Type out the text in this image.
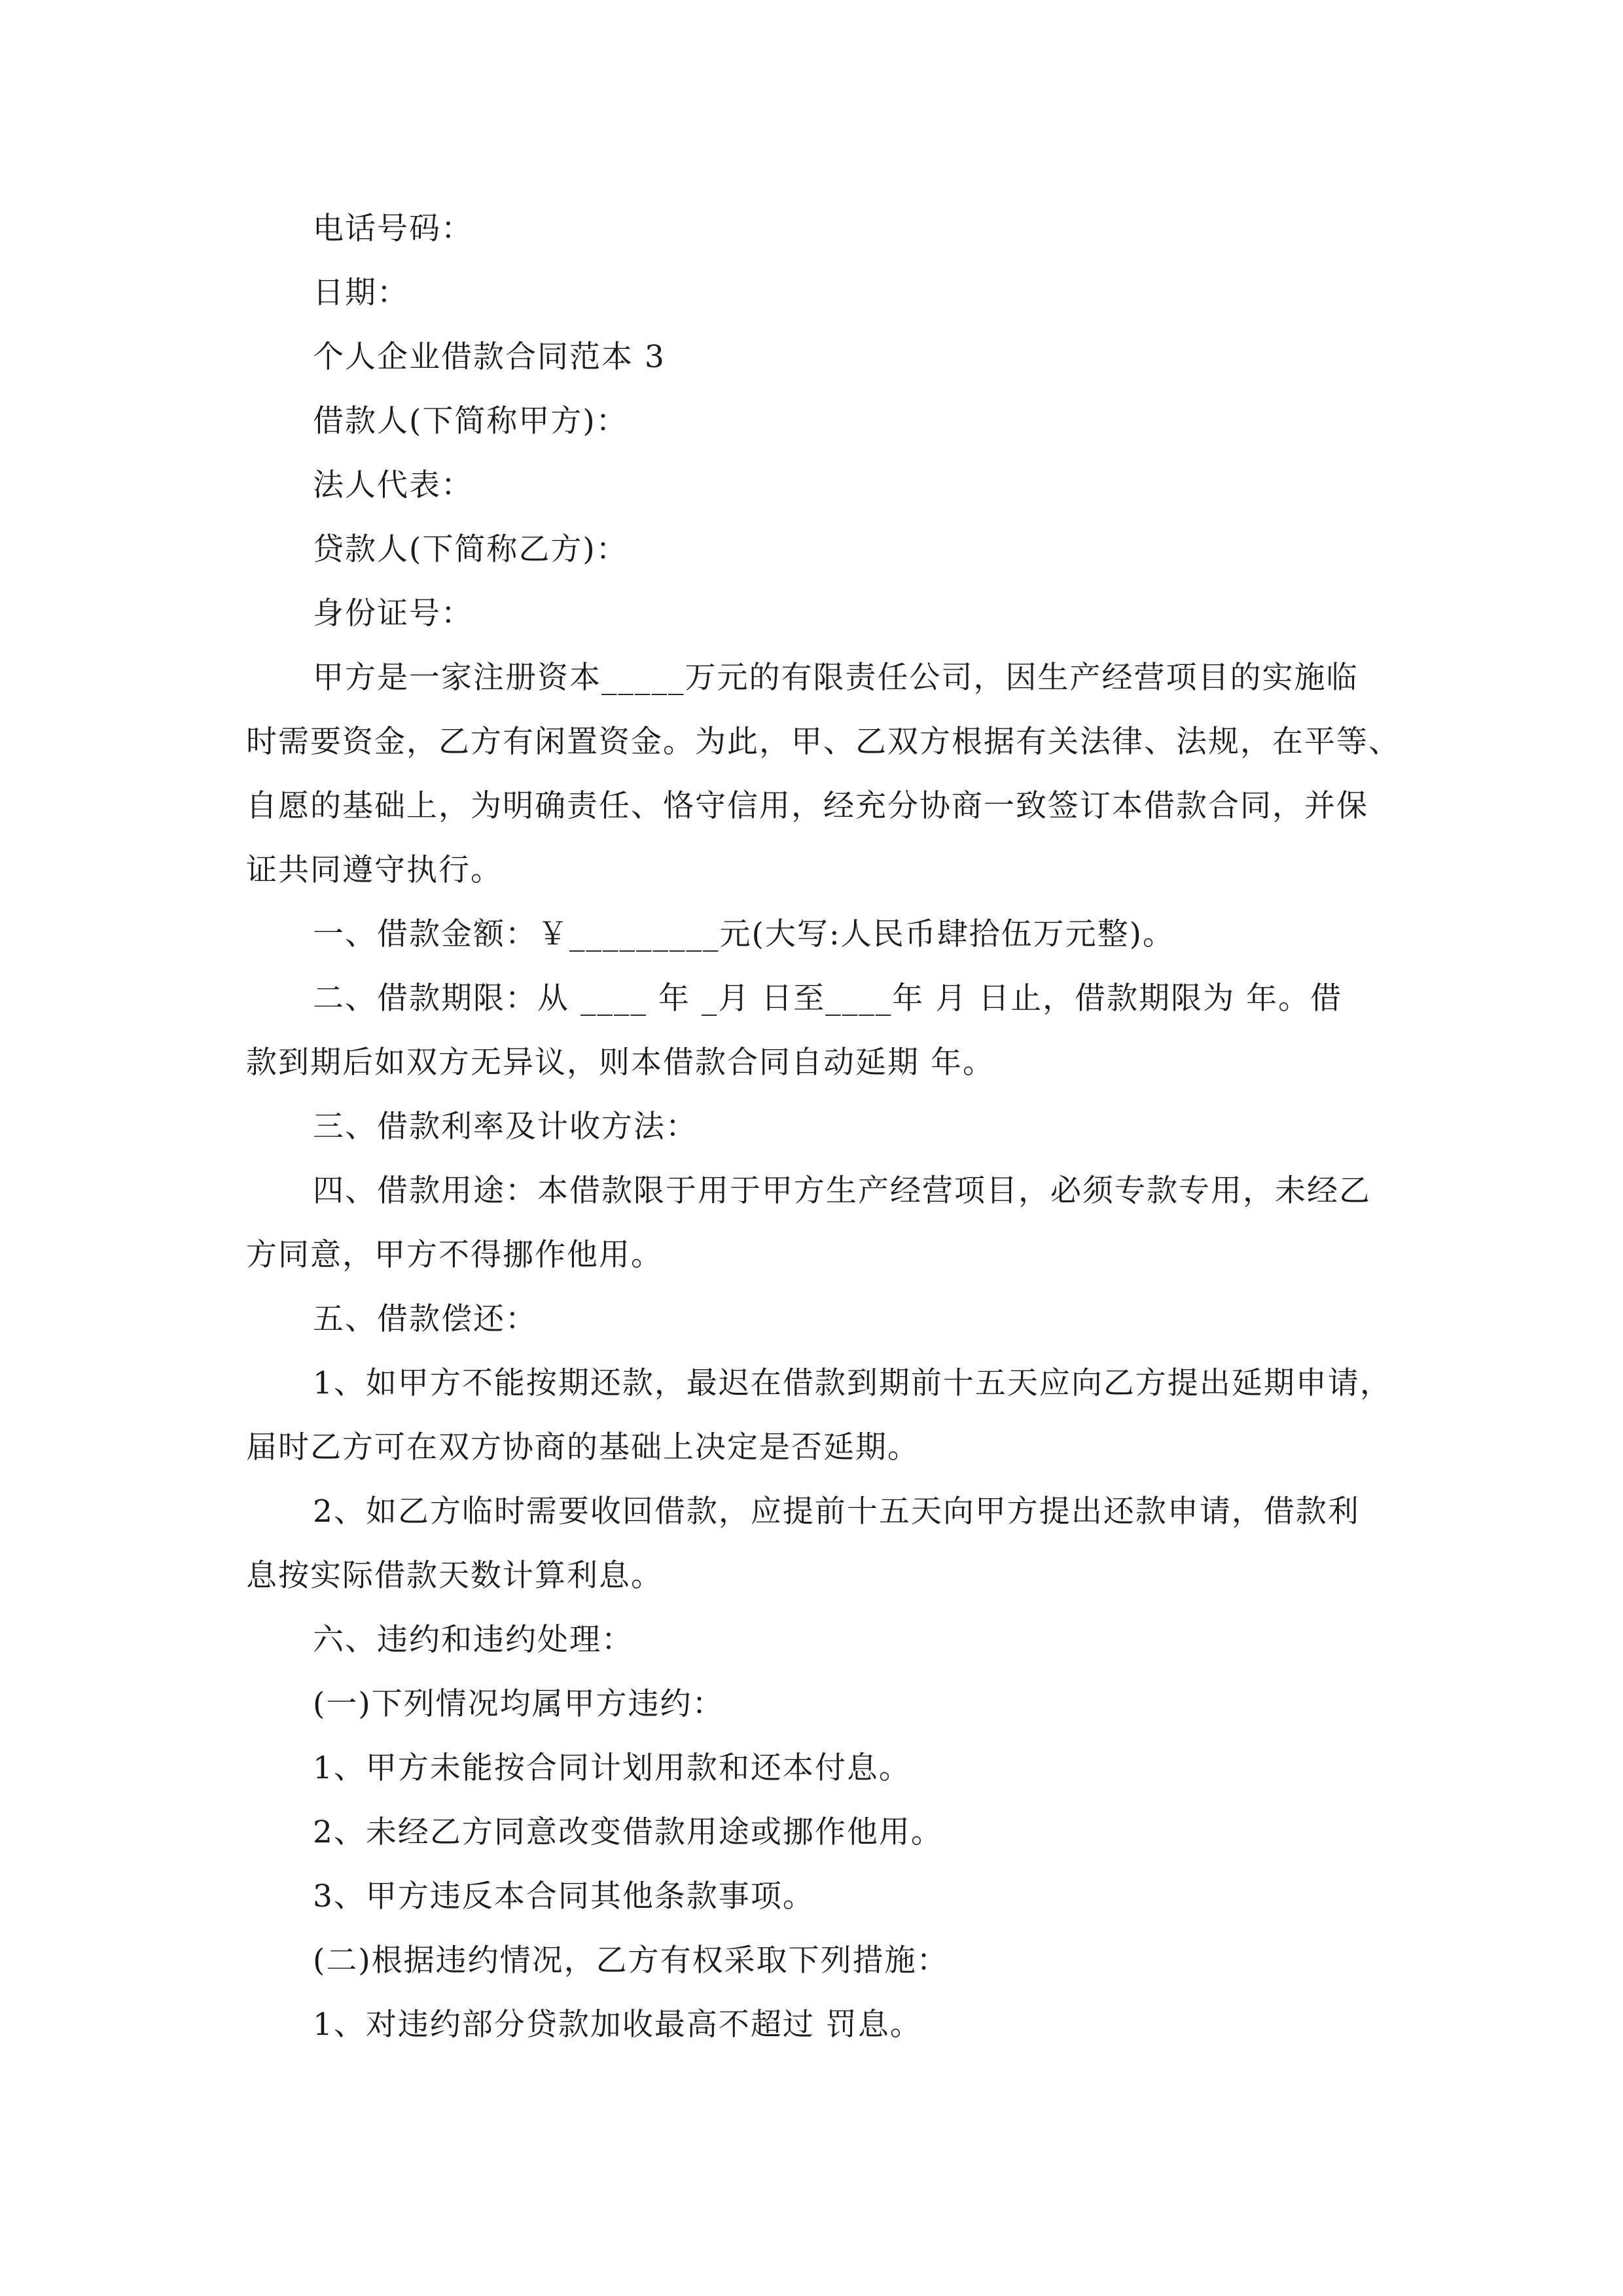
电话号码：
日期：
个人企业借款合同范本 3
借款人(下简称甲方)：
法人代表：
贷款人(下简称乙方)：
身份证号：
甲方是一家注册资本_____万元的有限责任公司，因生产经营项目的实施临
时需要资金，乙方有闲置资金。为此，甲、乙双方根据有关法律、法规，在平等、
自愿的基础上，为明确责任、恪守信用，经充分协商一致签订本借款合同，并保
证共同遵守执行。
一、借款金额：￥_________元(大写:人民币肆拾伍万元整)。
二、借款期限：从 ____ 年 _月 日至____年 月 日止，借款期限为 年。借
款到期后如双方无异议，则本借款合同自动延期 年。
三、借款利率及计收方法：
四、借款用途：本借款限于用于甲方生产经营项目，必须专款专用，未经乙
方同意，甲方不得挪作他用。
五、借款偿还：
1、如甲方不能按期还款，最迟在借款到期前十五天应向乙方提出延期申请，
届时乙方可在双方协商的基础上决定是否延期。
2、如乙方临时需要收回借款，应提前十五天向甲方提出还款申请，借款利
息按实际借款天数计算利息。
六、违约和违约处理：
(一)下列情况均属甲方违约：
1、甲方未能按合同计划用款和还本付息。
2、未经乙方同意改变借款用途或挪作他用。
3、甲方违反本合同其他条款事项。
(二)根据违约情况，乙方有权采取下列措施：
1、对违约部分贷款加收最高不超过 罚息。
